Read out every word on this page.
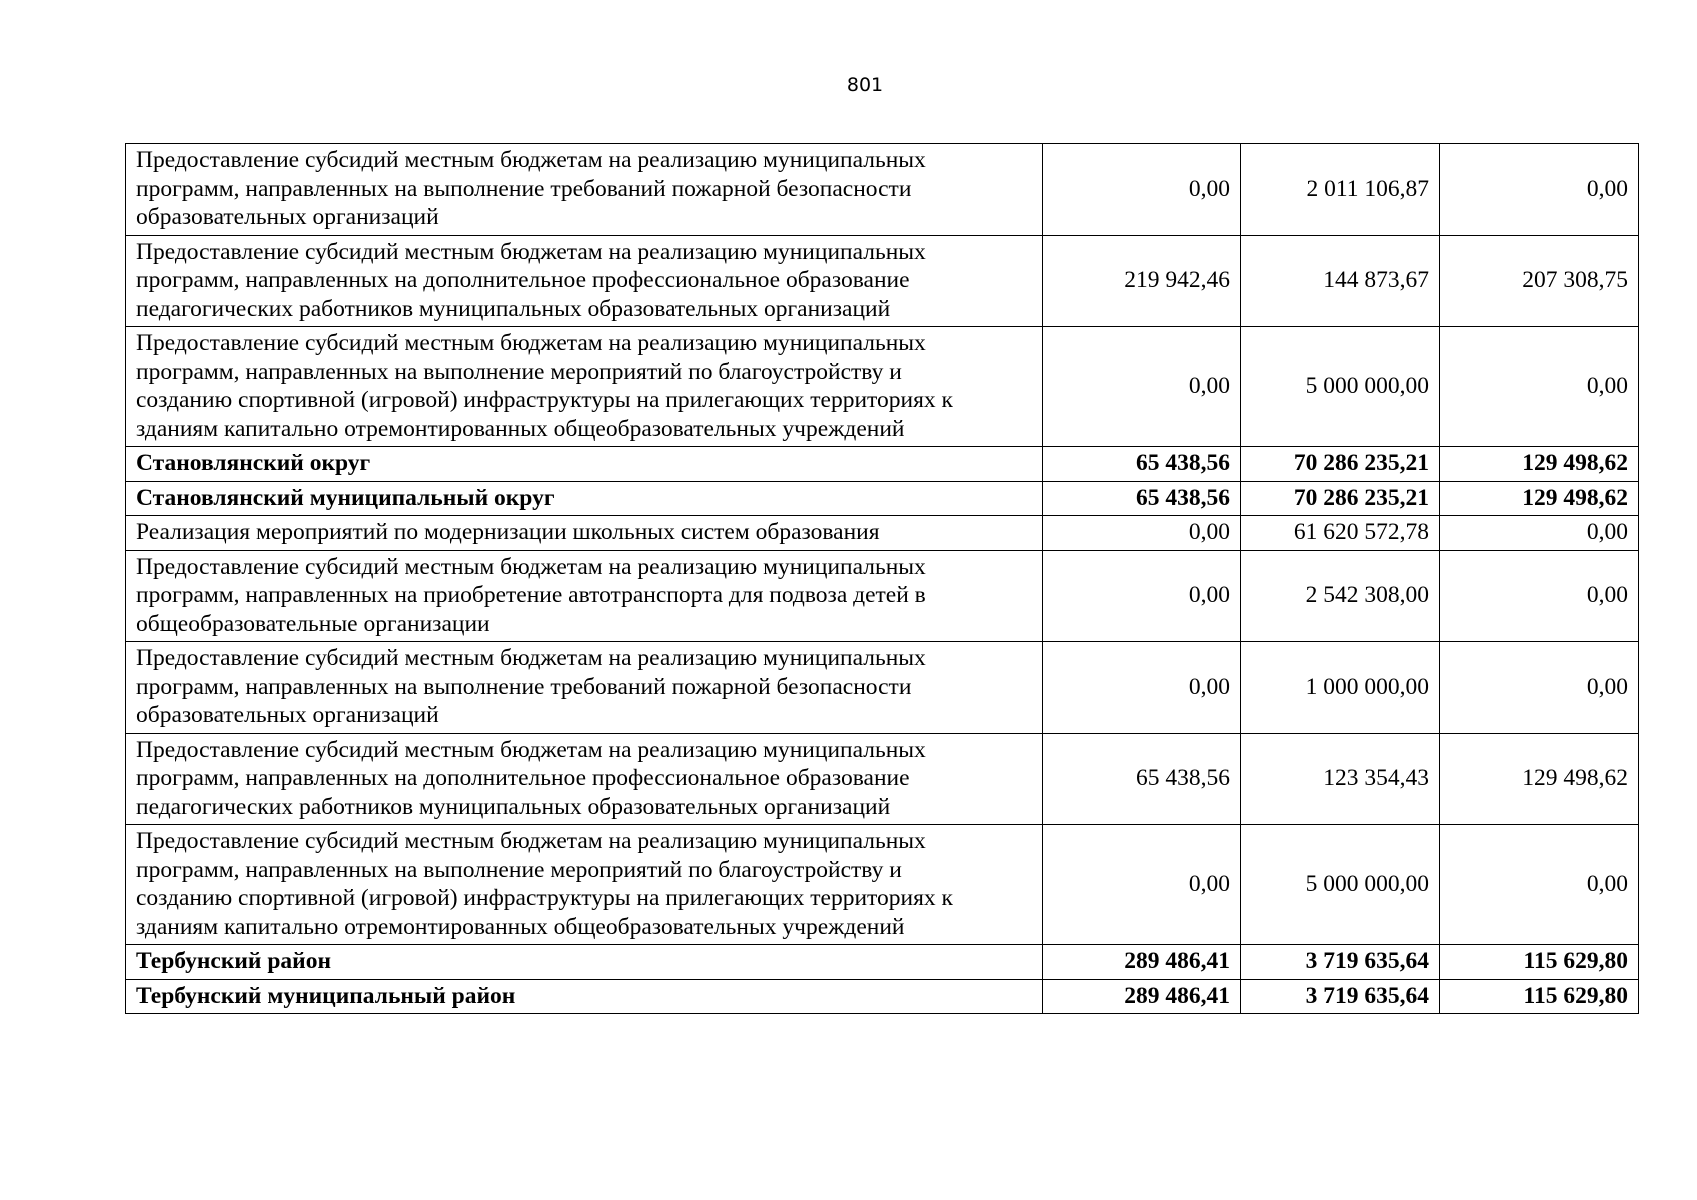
801
Предоставление субсидий местным бюджетам на реализацию муниципальных программ, направленных на выполнение требований пожарной безопасности образовательных организаций	0,00	2 011 106,87	0,00
Предоставление субсидий местным бюджетам на реализацию муниципальных программ, направленных на дополнительное профессиональное образование педагогических работников муниципальных образовательных организаций	219 942,46	144 873,67	207 308,75
Предоставление субсидий местным бюджетам на реализацию муниципальных программ, направленных на выполнение мероприятий по благоустройству и созданию спортивной (игровой) инфраструктуры на прилегающих территориях к зданиям капитально отремонтированных общеобразовательных учреждений	0,00	5 000 000,00	0,00
Становлянский округ	65 438,56	70 286 235,21	129 498,62
Становлянский муниципальный округ	65 438,56	70 286 235,21	129 498,62
Реализация мероприятий по модернизации школьных систем образования	0,00	61 620 572,78	0,00
Предоставление субсидий местным бюджетам на реализацию муниципальных программ, направленных на приобретение автотранспорта для подвоза детей в общеобразовательные организации	0,00	2 542 308,00	0,00
Предоставление субсидий местным бюджетам на реализацию муниципальных программ, направленных на выполнение требований пожарной безопасности образовательных организаций	0,00	1 000 000,00	0,00
Предоставление субсидий местным бюджетам на реализацию муниципальных программ, направленных на дополнительное профессиональное образование педагогических работников муниципальных образовательных организаций	65 438,56	123 354,43	129 498,62
Предоставление субсидий местным бюджетам на реализацию муниципальных программ, направленных на выполнение мероприятий по благоустройству и созданию спортивной (игровой) инфраструктуры на прилегающих территориях к зданиям капитально отремонтированных общеобразовательных учреждений	0,00	5 000 000,00	0,00
Тербунский район	289 486,41	3 719 635,64	115 629,80
Тербунский муниципальный район	289 486,41	3 719 635,64	115 629,80
